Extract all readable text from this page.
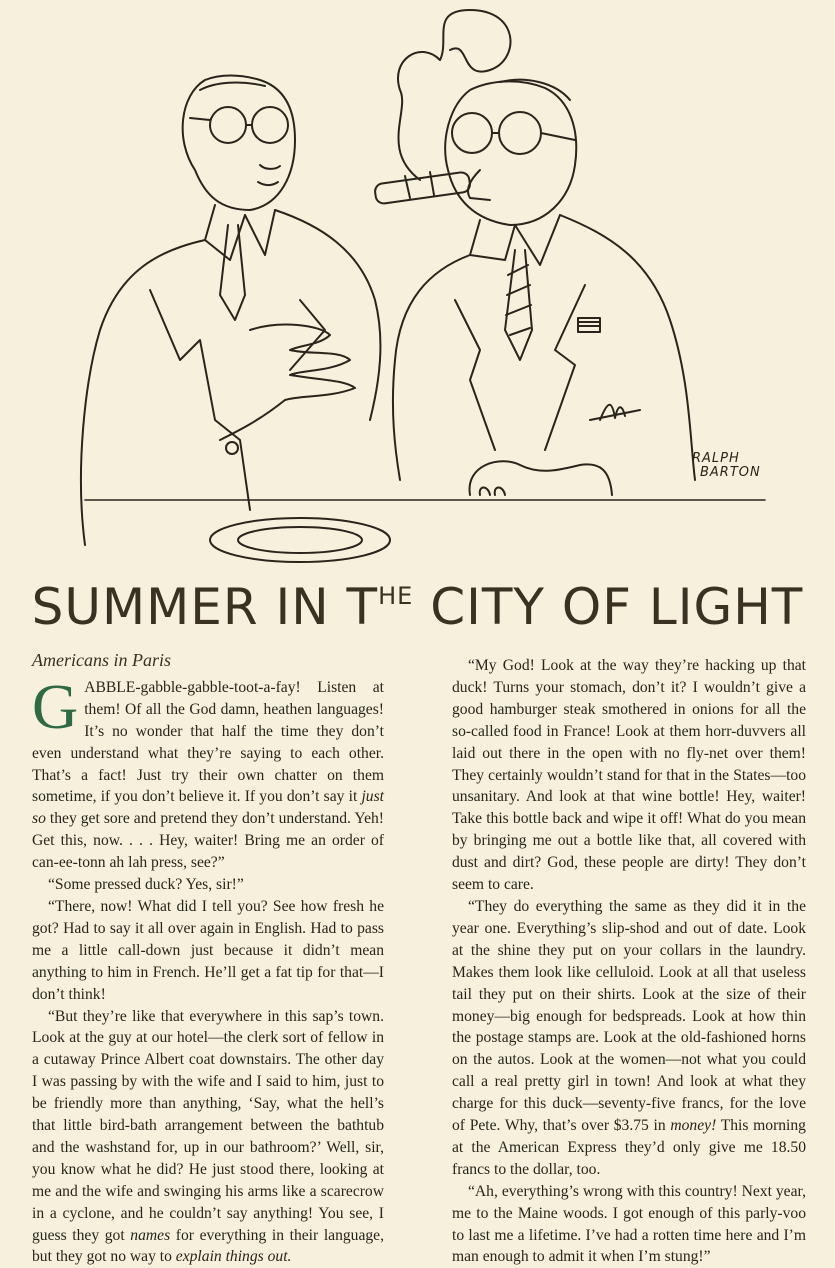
RALPH
BARTON
SUMMER IN $T^{HE}$ CITY OF LIGHT
Americans in Paris

GABBLE-gabble-gabble-toot-a-fay! Listen at them! Of all the God damn, heathen languages! It’s no wonder that half the time they don’t even understand what they’re saying to each other. That’s a fact! Just try their own chatter on them sometime, if you don’t believe it. If you don’t say it just so they get sore and pretend they don’t understand. Yeh! Get this, now. . . . Hey, waiter! Bring me an order of can-ee-tonn ah lah press, see?”

“Some pressed duck? Yes, sir!”

“There, now! What did I tell you? See how fresh he got? Had to say it all over again in English. Had to pass me a little call-down just because it didn’t mean anything to him in French. He’ll get a fat tip for that—I don’t think!

“But they’re like that everywhere in this sap’s town. Look at the guy at our hotel—the clerk sort of fellow in a cutaway Prince Albert coat downstairs. The other day I was passing by with the wife and I said to him, just to be friendly more than anything, ‘Say, what the hell’s that little bird-bath arrangement between the bathtub and the washstand for, up in our bathroom?’ Well, sir, you know what he did? He just stood there, looking at me and the wife and swinging his arms like a scarecrow in a cyclone, and he couldn’t say anything! You see, I guess they got names for everything in their language, but they got no way to explain things out.

“My God! Look at the way they’re hacking up that duck! Turns your stomach, don’t it? I wouldn’t give a good hamburger steak smothered in onions for all the so-called food in France! Look at them horr-duvvers all laid out there in the open with no fly-net over them! They certainly wouldn’t stand for that in the States—too unsanitary. And look at that wine bottle! Hey, waiter! Take this bottle back and wipe it off! What do you mean by bringing me out a bottle like that, all covered with dust and dirt? God, these people are dirty! They don’t seem to care.

“They do everything the same as they did it in the year one. Everything’s slip-shod and out of date. Look at the shine they put on your collars in the laundry. Makes them look like celluloid. Look at all that useless tail they put on their shirts. Look at the size of their money—big enough for bedspreads. Look at how thin the postage stamps are. Look at the old-fashioned horns on the autos. Look at the women—not what you could call a real pretty girl in town! And look at what they charge for this duck—seventy-five francs, for the love of Pete. Why, that’s over $3.75 in money! This morning at the American Express they’d only give me 18.50 francs to the dollar, too.

“Ah, everything’s wrong with this country! Next year, me to the Maine woods. I got enough of this parly-voo to last me a lifetime. I’ve had a rotten time here and I’m man enough to admit it when I’m stung!”
